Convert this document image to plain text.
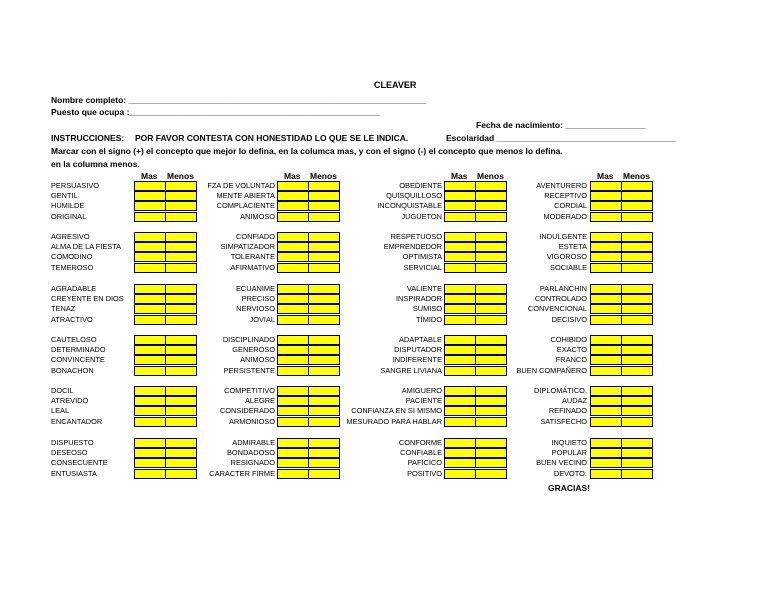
CLEAVER
Nombre completo: _______________________________________________________________
Puesto que ocupa :_____________________________________________________
Fecha de nacimiento: _________________
INSTRUCCIONES: POR FAVOR CONTESTA CON HONESTIDAD LO QUE SE LE INDICA.	Escolaridad ______________________________________
Marcar con el signo (+) el concepto que mejor lo defina, en la columca mas, y con el signo (-) el concepto que menos lo defina.
en la columna menos.
Mas Menos
PERSUASIVO
GENTIL
HUMILDE
ORIGINAL
AGRESIVO
ALMA DE LA FIESTA
COMODINO
TEMEROSO
AGRADABLE
CREYENTE EN DIOS
TENAZ
ATRACTIVO
CAUTELOSO
DETERMINADO
CONVINCENTE
BONACHON
DOCIL
ATREVIDO
LEAL
ENCANTADOR
DISPUESTO
DESEOSO
CONSECUENTE
ENTUSIASTA
Mas Menos
FZA DE VOLUNTAD
MENTE ABIERTA
COMPLACIENTE
ANIMOSO
CONFIADO
SIMPATIZADOR
TOLERANTE
AFIRMATIVO
ECUANIME
PRECISO
NERVIOSO
JOVIAL
DISCIPLINADO
GENEROSO
ANIMOSO
PERSISTENTE
COMPETITIVO
ALEGRE
CONSIDERADO
ARMONIOSO
ADMIRABLE
BONDADOSO
RESIGNADO
CARACTER FIRME
Mas Menos
OBEDIENTE
QUISQUILLOSO
INCONQUISTABLE
JUGUETON
RESPETUOSO
EMPRENDEDOR
OPTIMISTA
SERVICIAL
VALIENTE
INSPIRADOR
SUMISO
TÍMIDO
ADAPTABLE
DISPUTADOR
INDIFERENTE
SANGRE LIVIANA
AMIGUERO
PACIENTE
CONFIANZA EN SI MISMO
MESURADO PARA HABLAR
CONFORME
CONFIABLE
PAFICICO
POSITIVO
Mas Menos
AVENTURERO
RECEPTIVO
CORDIAL
MODERADO
INDULGENTE
ESTETA
VIGOROSO
SOCIABLE
PARLANCHIN
CONTROLADO
CONVENCIONAL
DECISIVO
COHIBIDO
EXACTO
FRANCO
BUEN COMPAÑERO
DIPLOMÁTICO.
AUDAZ
REFINADO
SATISFECHO
INQUIETO
POPULAR
BUEN VECINO
DEVOTO.
GRACIAS!
